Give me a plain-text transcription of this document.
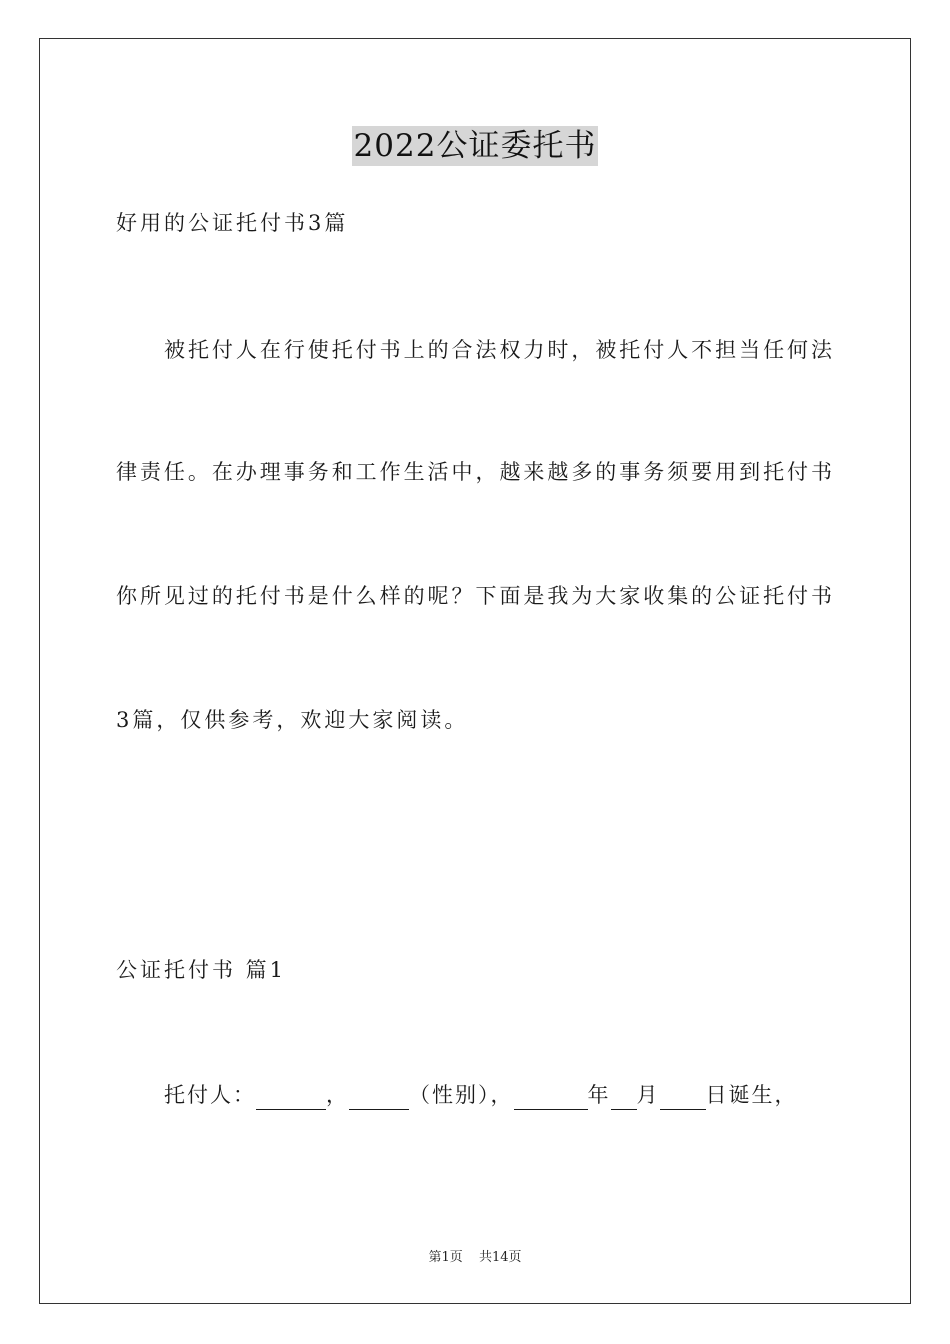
2022公证委托书
好用的公证托付书3篇
被托付人在行使托付书上的合法权力时，被托付人不担当任何法
律责任。在办理事务和工作生活中，越来越多的事务须要用到托付书
你所见过的托付书是什么样的呢？下面是我为大家收集的公证托付书
3篇，仅供参考，欢迎大家阅读。
公证托付书 篇1
托付人：	，	（性别），	年 月 日诞生，
第1页 共14页
